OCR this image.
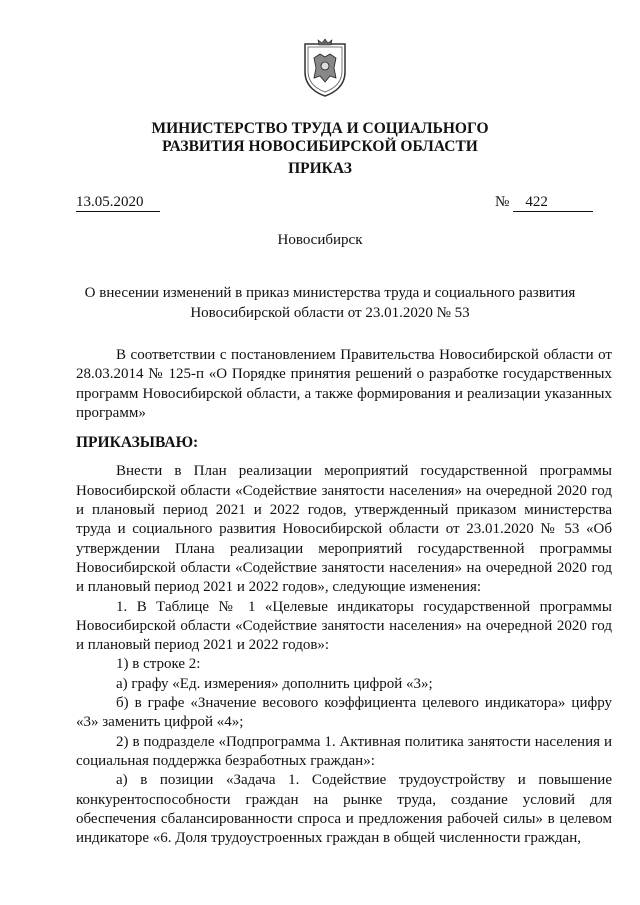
МИНИСТЕРСТВО ТРУДА И СОЦИАЛЬНОГО РАЗВИТИЯ НОВОСИБИРСКОЙ ОБЛАСТИ
ПРИКАЗ
13.05.2020	№ 422
Новосибирск
О внесении изменений в приказ министерства труда и социального развития Новосибирской области от 23.01.2020 № 53

В соответствии с постановлением Правительства Новосибирской области от 28.03.2014 № 125-п «О Порядке принятия решений о разработке государственных программ Новосибирской области, а также формирования и реализации указанных программ»

ПРИКАЗЫВАЮ:

Внести в План реализации мероприятий государственной программы Новосибирской области «Содействие занятости населения» на очередной 2020 год и плановый период 2021 и 2022 годов, утвержденный приказом министерства труда и социального развития Новосибирской области от 23.01.2020 № 53 «Об утверждении Плана реализации мероприятий государственной программы Новосибирской области «Содействие занятости населения» на очередной 2020 год и плановый период 2021 и 2022 годов», следующие изменения:

1. В Таблице № 1 «Целевые индикаторы государственной программы Новосибирской области «Содействие занятости населения» на очередной 2020 год и плановый период 2021 и 2022 годов»:

1) в строке 2:

а) графу «Ед. измерения» дополнить цифрой «3»;

б) в графе «Значение весового коэффициента целевого индикатора» цифру «3» заменить цифрой «4»;

2) в подразделе «Подпрограмма 1. Активная политика занятости населения и социальная поддержка безработных граждан»:

а) в позиции «Задача 1. Содействие трудоустройству и повышение конкурентоспособности граждан на рынке труда, создание условий для обеспечения сбалансированности спроса и предложения рабочей силы» в целевом индикаторе «6. Доля трудоустроенных граждан в общей численности граждан,
